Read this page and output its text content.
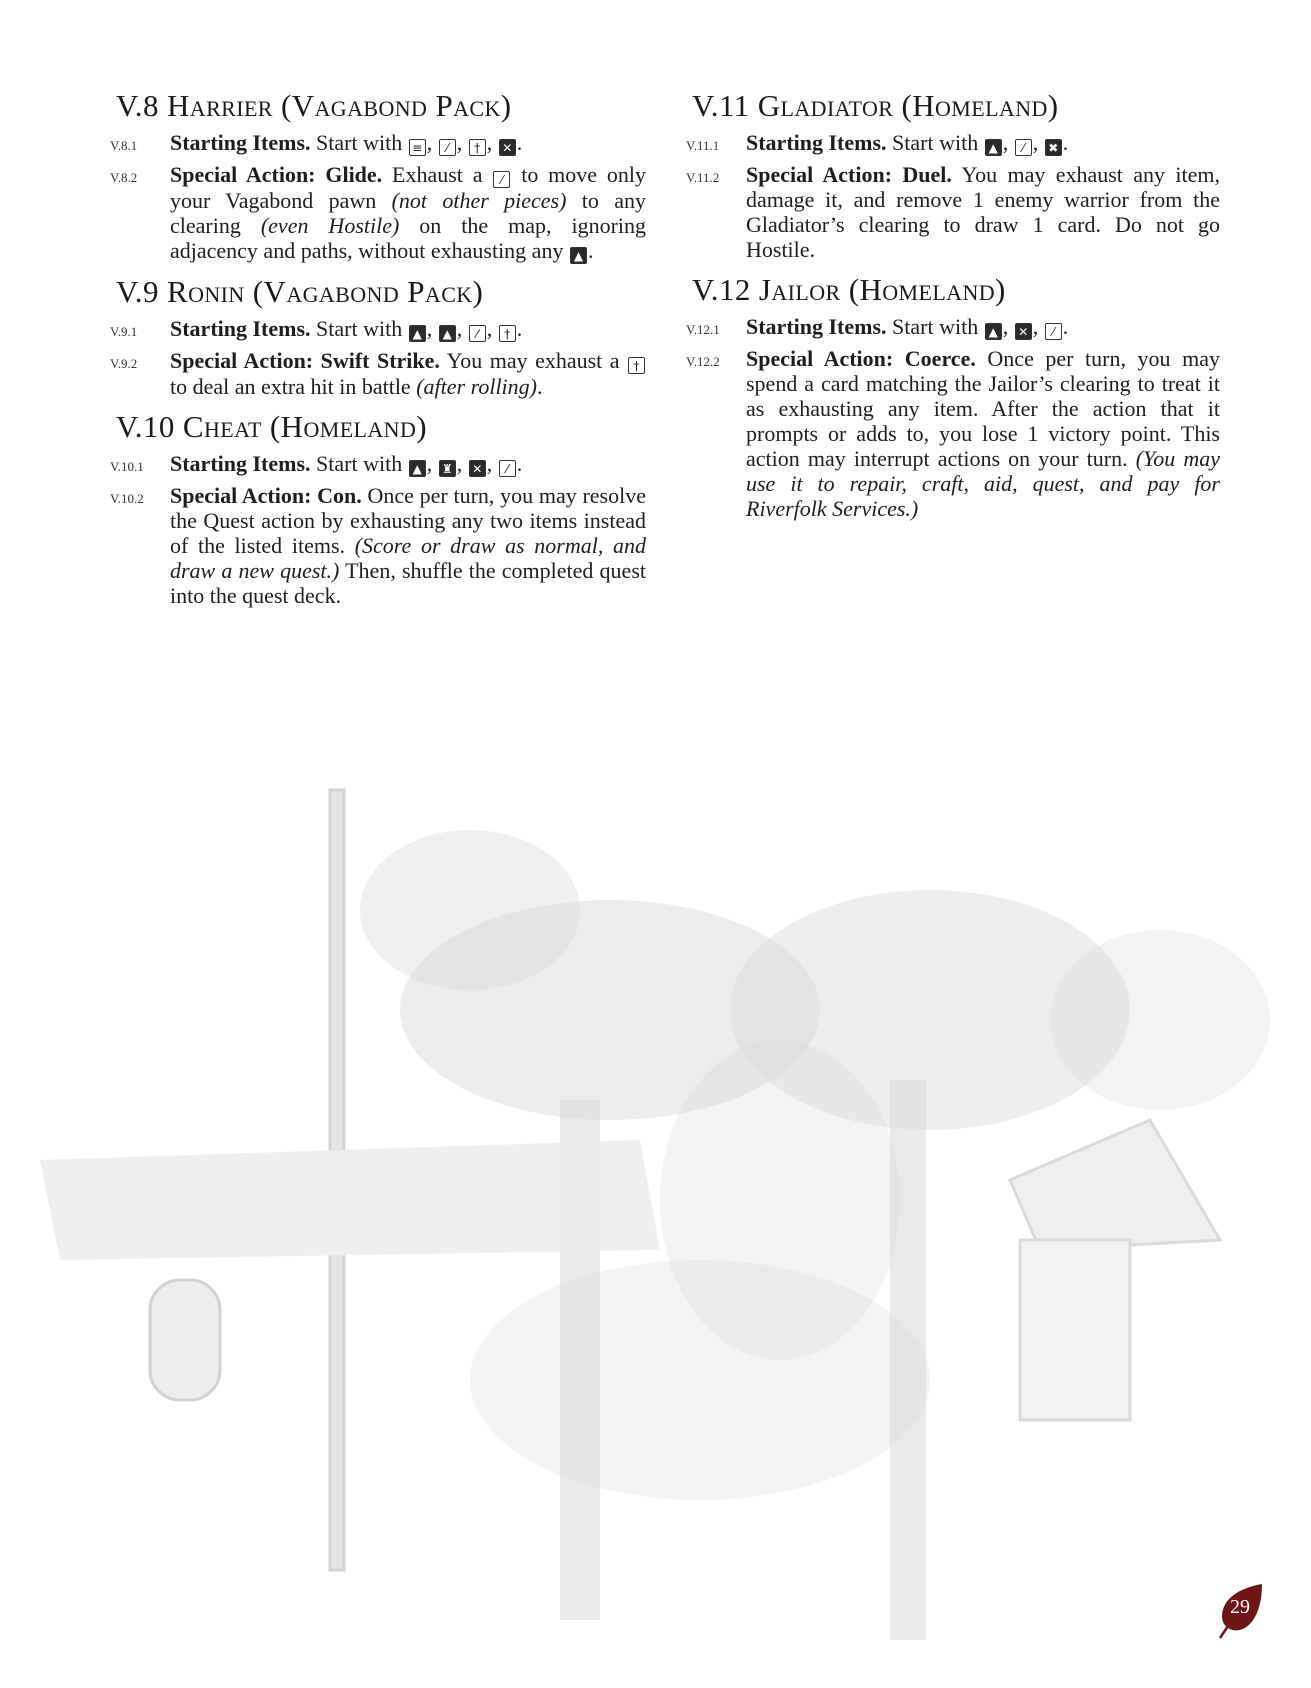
V.8 Harrier (Vagabond Pack)
V.8.1 Starting Items. Start with ≡ , ⁄ , † , ✕ .
V.8.2 Special Action: Glide. Exhaust a ⁄ to move only your Vagabond pawn (not other pieces) to any clearing (even Hostile) on the map, ignoring adjacency and paths, without exhausting any ▲ .
V.9 Ronin (Vagabond Pack)
V.9.1 Starting Items. Start with ▲ , ▲ , ⁄ , † .
V.9.2 Special Action: Swift Strike. You may exhaust a † to deal an extra hit in battle (after rolling).
V.10 Cheat (Homeland)
V.10.1 Starting Items. Start with ▲ , ♜ , ✕ , ⁄ .
V.10.2 Special Action: Con. Once per turn, you may resolve the Quest action by exhausting any two items instead of the listed items. (Score or draw as normal, and draw a new quest.) Then, shuffle the completed quest into the quest deck.
V.11 Gladiator (Homeland)
V.11.1 Starting Items. Start with ▲ , ⁄ , ✖ .
V.11.2 Special Action: Duel. You may exhaust any item, damage it, and remove 1 enemy warrior from the Gladiator’s clearing to draw 1 card. Do not go Hostile.
V.12 Jailor (Homeland)
V.12.1 Starting Items. Start with ▲ , ✕ , ⁄ .
V.12.2 Special Action: Coerce. Once per turn, you may spend a card matching the Jailor’s clearing to treat it as exhausting any item. After the action that it prompts or adds to, you lose 1 victory point. This action may interrupt actions on your turn. (You may use it to repair, craft, aid, quest, and pay for Riverfolk Services.)
29
